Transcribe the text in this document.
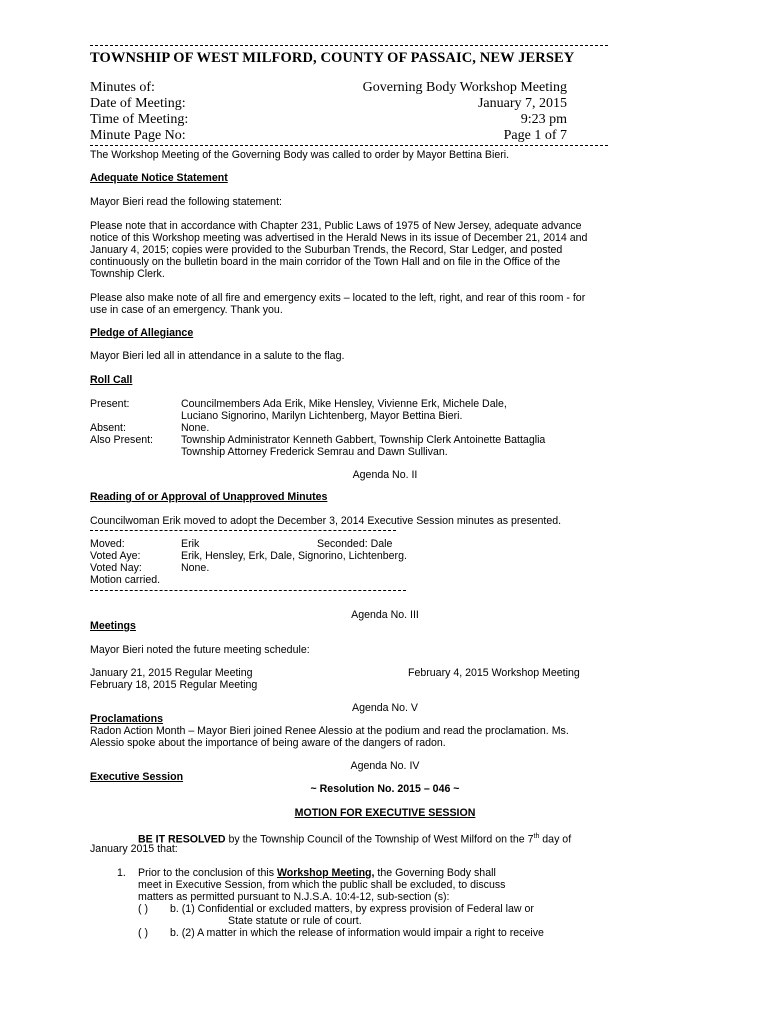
TOWNSHIP OF WEST MILFORD, COUNTY OF PASSAIC, NEW JERSEY
Minutes of:	Governing Body Workshop Meeting
Date of Meeting:	January 7, 2015
Time of Meeting:	9:23 pm
Minute Page No:	Page 1 of 7
The Workshop Meeting of the Governing Body was called to order by Mayor Bettina Bieri.
Adequate Notice Statement
Mayor Bieri read the following statement:
Please note that in accordance with Chapter 231, Public Laws of 1975 of New Jersey, adequate advance
notice of this Workshop meeting was advertised in the Herald News in its issue of December 21, 2014 and
January 4, 2015; copies were provided to the Suburban Trends, the Record, Star Ledger, and posted
continuously on the bulletin board in the main corridor of the Town Hall and on file in the Office of the
Township Clerk.
Please also make note of all fire and emergency exits – located to the left, right, and rear of this room - for
use in case of an emergency. Thank you.
Pledge of Allegiance
Mayor Bieri led all in attendance in a salute to the flag.
Roll Call
Present:	Councilmembers Ada Erik, Mike Hensley, Vivienne Erk, Michele Dale,
Luciano Signorino, Marilyn Lichtenberg, Mayor Bettina Bieri.
Absent:	None.
Also Present:	Township Administrator Kenneth Gabbert, Township Clerk Antoinette Battaglia
Township Attorney Frederick Semrau and Dawn Sullivan.
Agenda No. II
Reading of or Approval of Unapproved Minutes
Councilwoman Erik moved to adopt the December 3, 2014 Executive Session minutes as presented.
Moved:	Erik	Seconded: Dale
Voted Aye:	Erik, Hensley, Erk, Dale, Signorino, Lichtenberg.
Voted Nay:	None.
Motion carried.
Agenda No. III
Meetings
Mayor Bieri noted the future meeting schedule:
January 21, 2015 Regular Meeting	February 4, 2015 Workshop Meeting
February 18, 2015 Regular Meeting
Agenda No. V
Proclamations
Radon Action Month – Mayor Bieri joined Renee Alessio at the podium and read the proclamation. Ms.
Alessio spoke about the importance of being aware of the dangers of radon.
Agenda No. IV
Executive Session
~ Resolution No. 2015 – 046 ~
MOTION FOR EXECUTIVE SESSION
BE IT RESOLVED by the Township Council of the Township of West Milford on the 7th day of
January 2015 that:
1. Prior to the conclusion of this Workshop Meeting, the Governing Body shall
meet in Executive Session, from which the public shall be excluded, to discuss
matters as permitted pursuant to N.J.S.A. 10:4-12, sub-section (s):
( ) b. (1) Confidential or excluded matters, by express provision of Federal law or
State statute or rule of court.
( ) b. (2) A matter in which the release of information would impair a right to receive
